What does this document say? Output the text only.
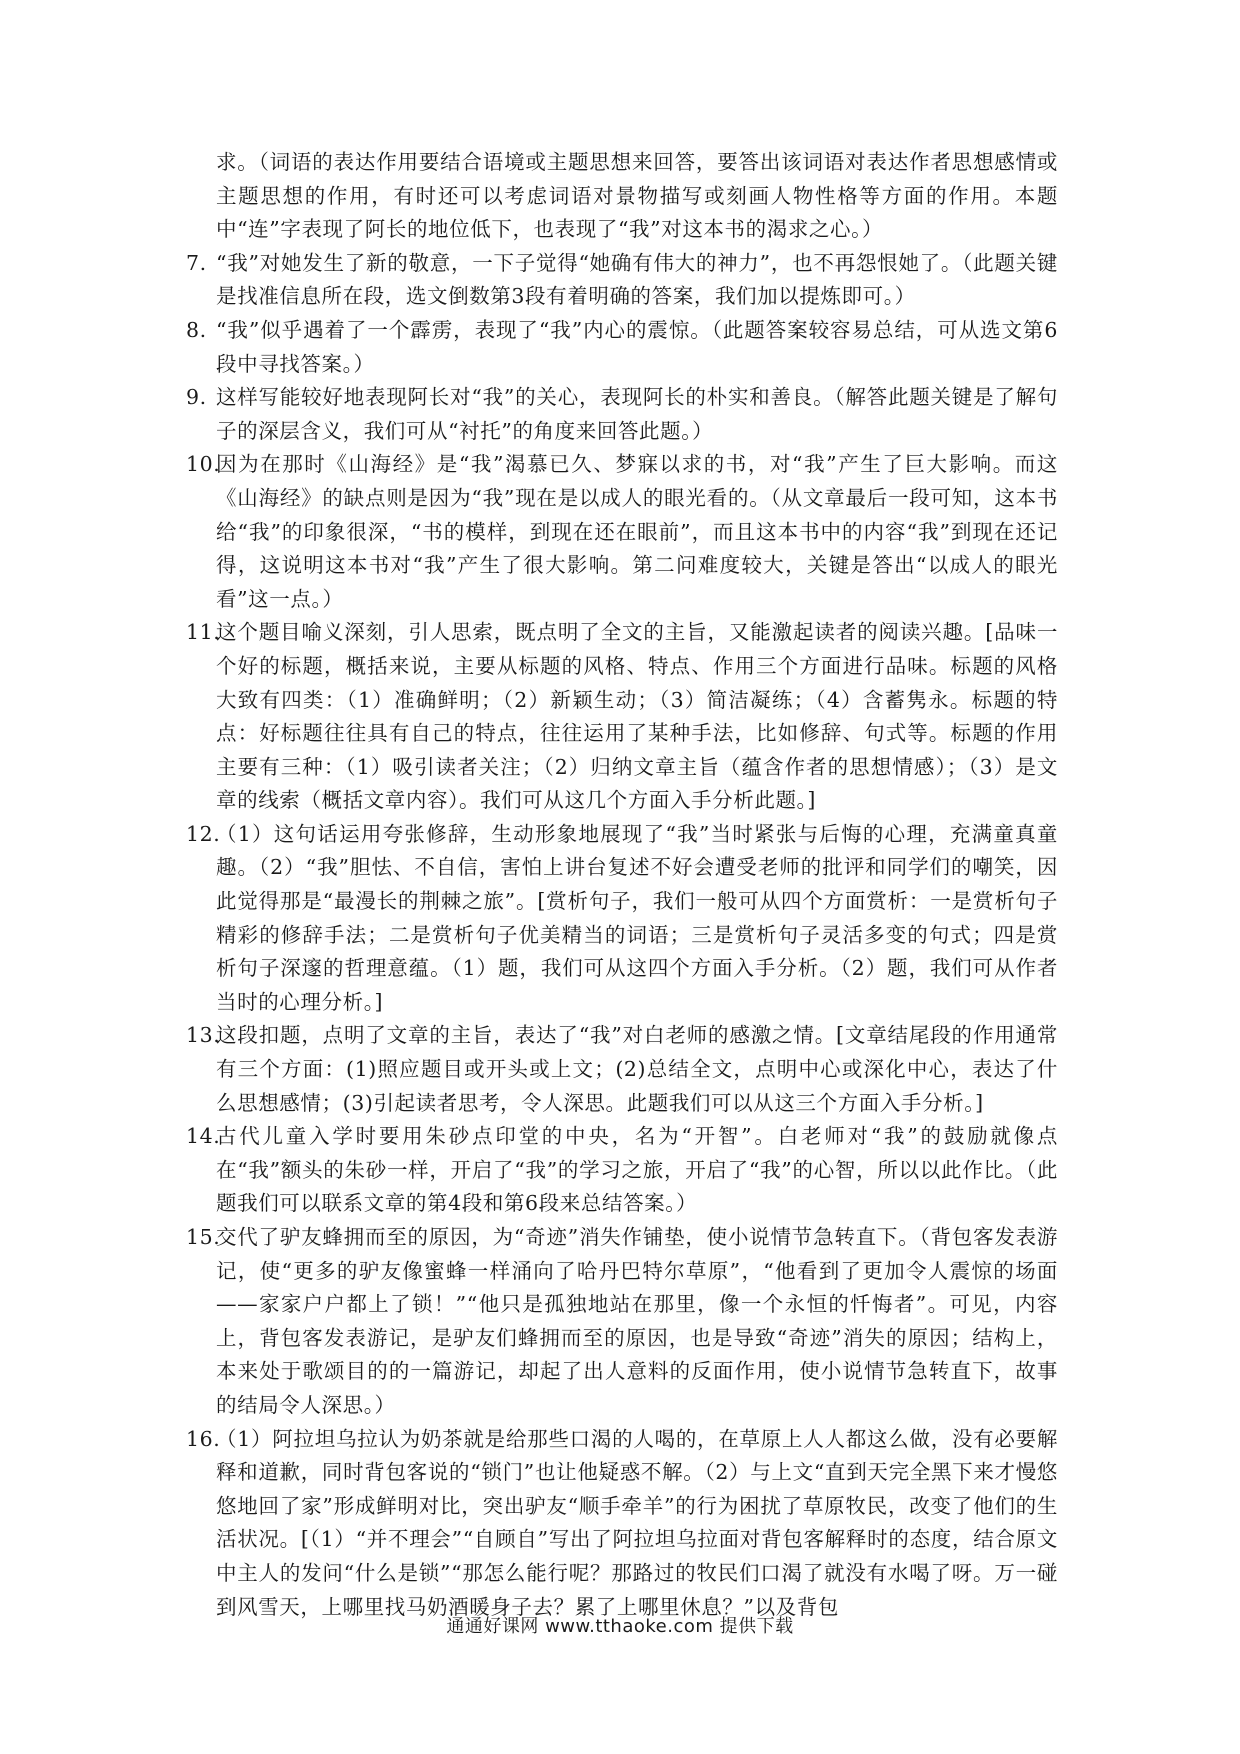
求。（词语的表达作用要结合语境或主题思想来回答，要答出该词语对表达作者思想感情或主题思想的作用，有时还可以考虑词语对景物描写或刻画人物性格等方面的作用。本题中“连”字表现了阿长的地位低下，也表现了“我”对这本书的渴求之心。）
7. “我”对她发生了新的敬意，一下子觉得“她确有伟大的神力”，也不再怨恨她了。（此题关键是找准信息所在段，选文倒数第3段有着明确的答案，我们加以提炼即可。）
8. “我”似乎遇着了一个霹雳，表现了“我”内心的震惊。（此题答案较容易总结，可从选文第6段中寻找答案。）
9. 这样写能较好地表现阿长对“我”的关心，表现阿长的朴实和善良。（解答此题关键是了解句子的深层含义，我们可从“衬托”的角度来回答此题。）
10.
因为在那时《山海经》是“我”渴慕已久、梦寐以求的书，对“我”产生了巨大影响。而这《山海经》的缺点则是因为“我”现在是以成人的眼光看的。（从文章最后一段可知，这本书给“我”的印象很深，“书的模样，到现在还在眼前”，而且这本书中的内容“我”到现在还记得，这说明这本书对“我”产生了很大影响。第二问难度较大，关键是答出“以成人的眼光看”这一点。）
11.
这个题目喻义深刻，引人思索，既点明了全文的主旨，又能激起读者的阅读兴趣。[品味一个好的标题，概括来说，主要从标题的风格、特点、作用三个方面进行品味。标题的风格大致有四类：（1）准确鲜明；（2）新颖生动；（3）简洁凝练；（4）含蓄隽永。标题的特点：好标题往往具有自己的特点，往往运用了某种手法，比如修辞、句式等。标题的作用主要有三种：（1）吸引读者关注；（2）归纳文章主旨（蕴含作者的思想情感）；（3）是文章的线索（概括文章内容）。我们可从这几个方面入手分析此题。]
12.
（1）这句话运用夸张修辞，生动形象地展现了“我”当时紧张与后悔的心理，充满童真童趣。（2）“我”胆怯、不自信，害怕上讲台复述不好会遭受老师的批评和同学们的嘲笑，因此觉得那是“最漫长的荆棘之旅”。[赏析句子，我们一般可从四个方面赏析：一是赏析句子精彩的修辞手法；二是赏析句子优美精当的词语；三是赏析句子灵活多变的句式；四是赏析句子深邃的哲理意蕴。（1）题，我们可从这四个方面入手分析。（2）题，我们可从作者当时的心理分析。]
13.
这段扣题，点明了文章的主旨，表达了“我”对白老师的感激之情。[文章结尾段的作用通常有三个方面：(1)照应题目或开头或上文；(2)总结全文，点明中心或深化中心，表达了什么思想感情；(3)引起读者思考，令人深思。此题我们可以从这三个方面入手分析。]
14.
古代儿童入学时要用朱砂点印堂的中央，名为“开智”。白老师对“我”的鼓励就像点在“我”额头的朱砂一样，开启了“我”的学习之旅，开启了“我”的心智，所以以此作比。（此题我们可以联系文章的第4段和第6段来总结答案。）
15.
交代了驴友蜂拥而至的原因，为“奇迹”消失作铺垫，使小说情节急转直下。（背包客发表游记，使“更多的驴友像蜜蜂一样涌向了哈丹巴特尔草原”，“他看到了更加令人震惊的场面——家家户户都上了锁！”“他只是孤独地站在那里，像一个永恒的忏悔者”。可见，内容上，背包客发表游记，是驴友们蜂拥而至的原因，也是导致“奇迹”消失的原因；结构上，本来处于歌颂目的的一篇游记，却起了出人意料的反面作用，使小说情节急转直下，故事的结局令人深思。）
16.
（1）阿拉坦乌拉认为奶茶就是给那些口渴的人喝的，在草原上人人都这么做，没有必要解释和道歉，同时背包客说的“锁门”也让他疑惑不解。（2）与上文“直到天完全黑下来才慢悠悠地回了家”形成鲜明对比，突出驴友“顺手牵羊”的行为困扰了草原牧民，改变了他们的生活状况。[（1）“并不理会”“自顾自”写出了阿拉坦乌拉面对背包客解释时的态度，结合原文中主人的发问“什么是锁”“那怎么能行呢？那路过的牧民们口渴了就没有水喝了呀。万一碰到风雪天，上哪里找马奶酒暖身子去？累了上哪里休息？”以及背包
通通好课网 www.tthaoke.com 提供下载
